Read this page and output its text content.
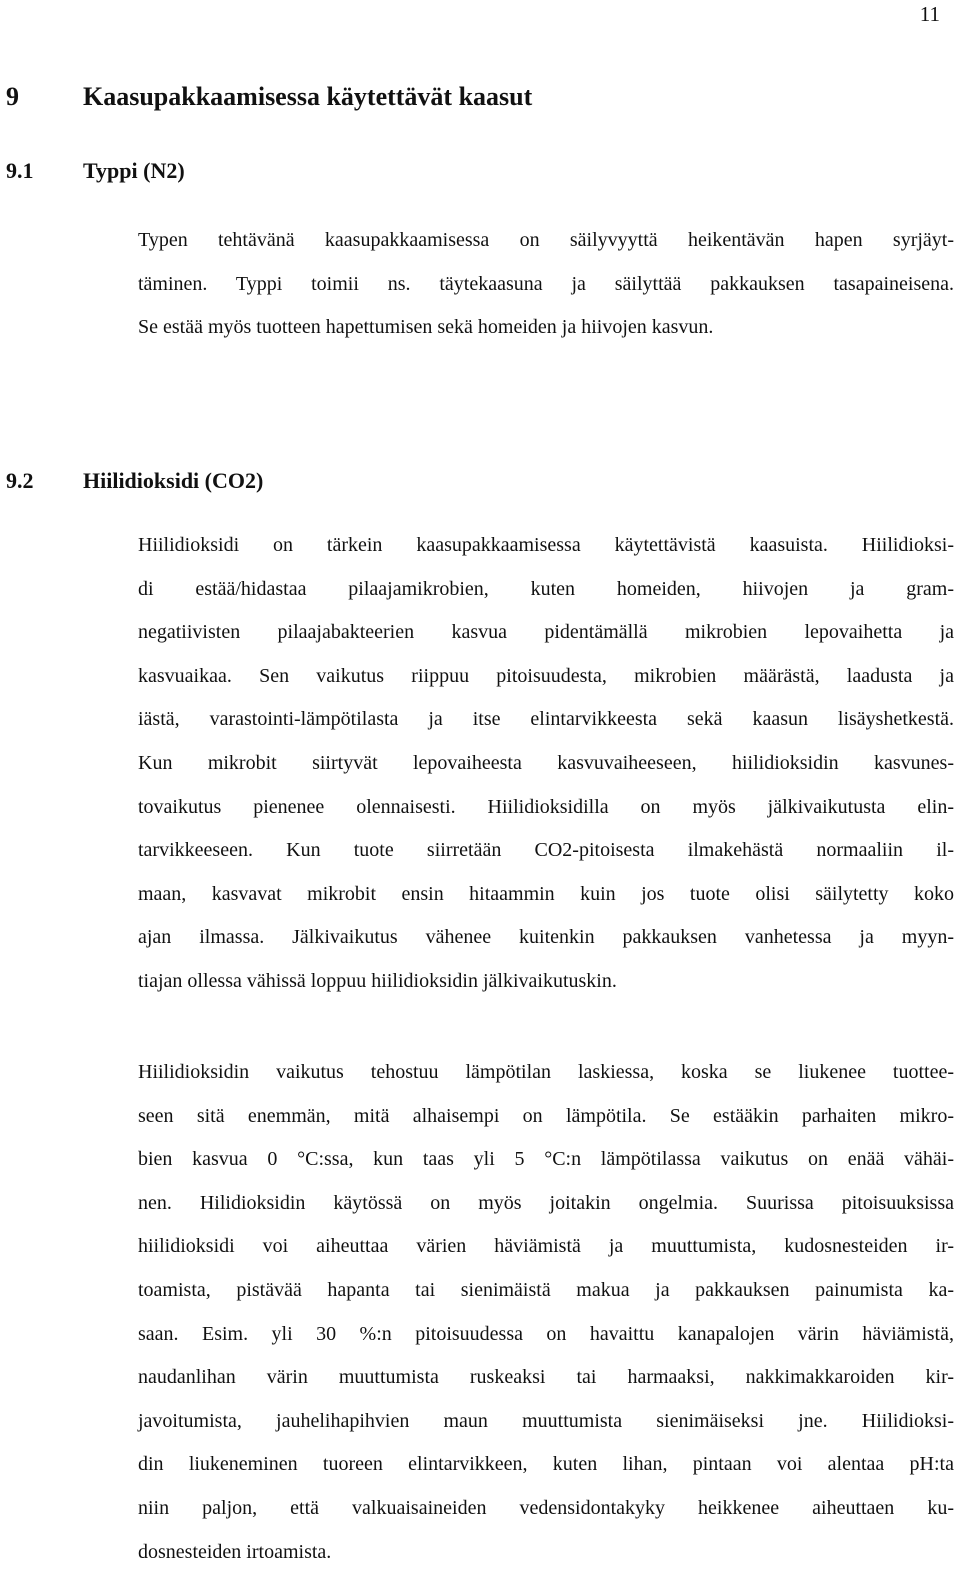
11
9 Kaasupakkaamisessa käytettävät kaasut
9.1 Typpi (N2)
Typen tehtävänä kaasupakkaamisessa on säilyvyyttä heikentävän hapen syrjäyt-
täminen. Typpi toimii ns. täytekaasuna ja säilyttää pakkauksen tasapaineisena.
Se estää myös tuotteen hapettumisen sekä homeiden ja hiivojen kasvun.
9.2 Hiilidioksidi (CO2)
Hiilidioksidi on tärkein kaasupakkaamisessa käytettävistä kaasuista. Hiilidioksi-
di estää/hidastaa pilaajamikrobien, kuten homeiden, hiivojen ja gram-
negatiivisten pilaajabakteerien kasvua pidentämällä mikrobien lepovaihetta ja
kasvuaikaa. Sen vaikutus riippuu pitoisuudesta, mikrobien määrästä, laadusta ja
iästä, varastointi-lämpötilasta ja itse elintarvikkeesta sekä kaasun lisäyshetkestä.
Kun mikrobit siirtyvät lepovaiheesta kasvuvaiheeseen, hiilidioksidin kasvunes-
tovaikutus pienenee olennaisesti. Hiilidioksidilla on myös jälkivaikutusta elin-
tarvikkeeseen. Kun tuote siirretään CO2-pitoisesta ilmakehästä normaaliin il-
maan, kasvavat mikrobit ensin hitaammin kuin jos tuote olisi säilytetty koko
ajan ilmassa. Jälkivaikutus vähenee kuitenkin pakkauksen vanhetessa ja myyn-
tiajan ollessa vähissä loppuu hiilidioksidin jälkivaikutuskin.
Hiilidioksidin vaikutus tehostuu lämpötilan laskiessa, koska se liukenee tuottee-
seen sitä enemmän, mitä alhaisempi on lämpötila. Se estääkin parhaiten mikro-
bien kasvua 0 °C:ssa, kun taas yli 5 °C:n lämpötilassa vaikutus on enää vähäi-
nen. Hilidioksidin käytössä on myös joitakin ongelmia. Suurissa pitoisuuksissa
hiilidioksidi voi aiheuttaa värien häviämistä ja muuttumista, kudosnesteiden ir-
toamista, pistävää hapanta tai sienimäistä makua ja pakkauksen painumista ka-
saan. Esim. yli 30 %:n pitoisuudessa on havaittu kanapalojen värin häviämistä,
naudanlihan värin muuttumista ruskeaksi tai harmaaksi, nakkimakkaroiden kir-
javoitumista, jauhelihapihvien maun muuttumista sienimäiseksi jne. Hiilidioksi-
din liukeneminen tuoreen elintarvikkeen, kuten lihan, pintaan voi alentaa pH:ta
niin paljon, että valkuaisaineiden vedensidontakyky heikkenee aiheuttaen ku-
dosnesteiden irtoamista.
